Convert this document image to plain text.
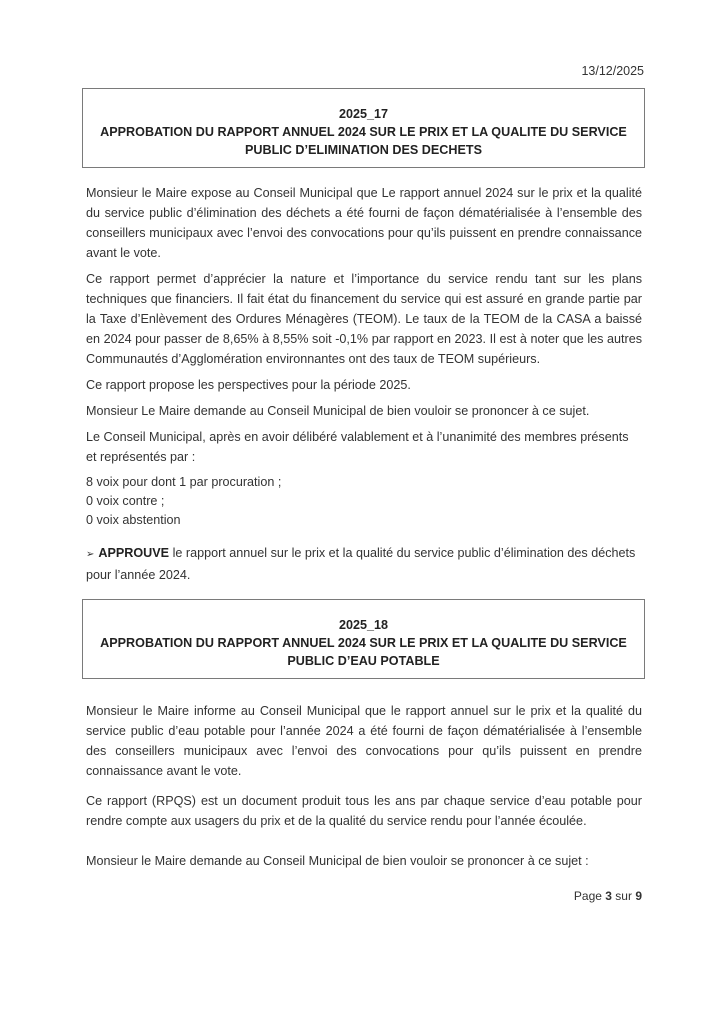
13/12/2025
2025_17
APPROBATION DU RAPPORT ANNUEL 2024 SUR LE PRIX ET LA QUALITE DU SERVICE
PUBLIC D’ELIMINATION DES DECHETS

Monsieur le Maire expose au Conseil Municipal que Le rapport annuel 2024 sur le prix et la qualité du service public d’élimination des déchets a été fourni de façon dématérialisée à l’ensemble des conseillers municipaux avec l’envoi des convocations pour qu’ils puissent en prendre connaissance avant le vote.

Ce rapport permet d’apprécier la nature et l’importance du service rendu tant sur les plans techniques que financiers. Il fait état du financement du service qui est assuré en grande partie par la Taxe d’Enlèvement des Ordures Ménagères (TEOM). Le taux de la TEOM de la CASA a baissé en 2024 pour passer de 8,65% à 8,55% soit -0,1% par rapport en 2023. Il est à noter que les autres Communautés d’Agglomération environnantes ont des taux de TEOM supérieurs.

Ce rapport propose les perspectives pour la période 2025.

Monsieur Le Maire demande au Conseil Municipal de bien vouloir se prononcer à ce sujet.

Le Conseil Municipal, après en avoir délibéré valablement et à l’unanimité des membres présents et représentés par :

8 voix pour dont 1 par procuration ;
0 voix contre ;
0 voix abstention

➢ APPROUVE le rapport annuel sur le prix et la qualité du service public d’élimination des déchets pour l’année 2024.

2025_18
APPROBATION DU RAPPORT ANNUEL 2024 SUR LE PRIX ET LA QUALITE DU SERVICE
PUBLIC D’EAU POTABLE

Monsieur le Maire informe au Conseil Municipal que le rapport annuel sur le prix et la qualité du service public d’eau potable pour l’année 2024 a été fourni de façon dématérialisée à l’ensemble des conseillers municipaux avec l’envoi des convocations pour qu’ils puissent en prendre connaissance avant le vote.

Ce rapport (RPQS) est un document produit tous les ans par chaque service d’eau potable pour rendre compte aux usagers du prix et de la qualité du service rendu pour l’année écoulée.

Monsieur le Maire demande au Conseil Municipal de bien vouloir se prononcer à ce sujet :

Page 3 sur 9
